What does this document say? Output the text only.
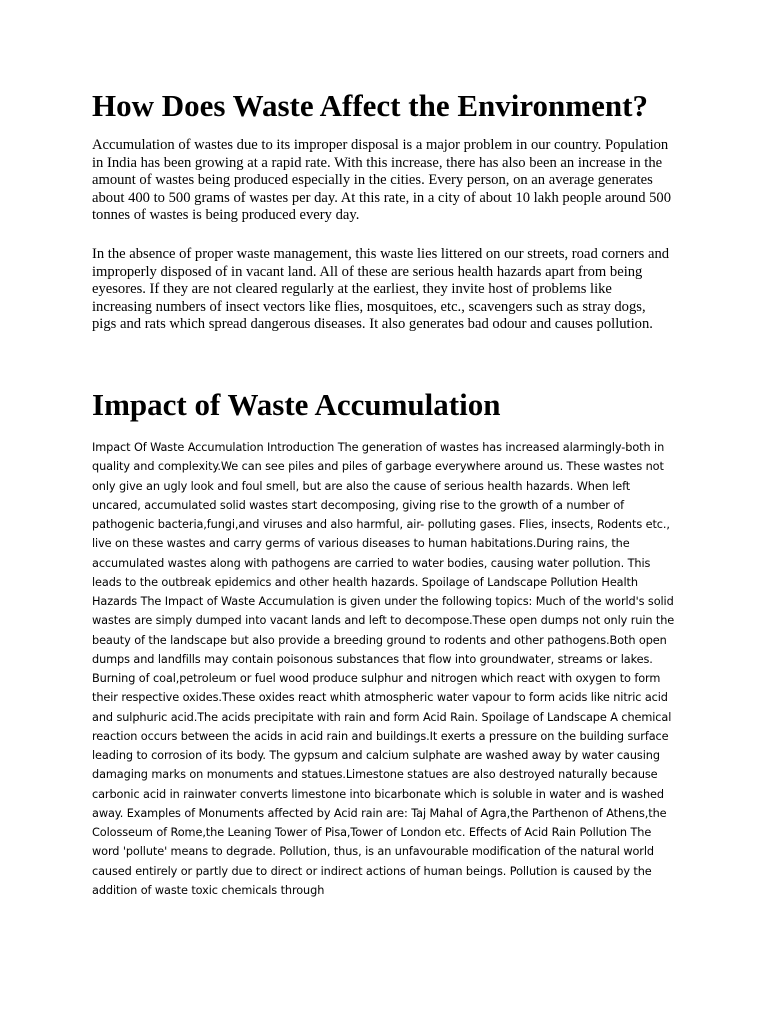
How Does Waste Affect the Environment?

Accumulation of wastes due to its improper disposal is a major problem in our country. Population in India has been growing at a rapid rate. With this increase, there has also been an increase in the amount of wastes being produced especially in the cities. Every person, on an average generates about 400 to 500 grams of wastes per day. At this rate, in a city of about 10 lakh people around 500 tonnes of wastes is being produced every day.

In the absence of proper waste management, this waste lies littered on our streets, road corners and improperly disposed of in vacant land. All of these are serious health hazards apart from being eyesores. If they are not cleared regularly at the earliest, they invite host of problems like increasing numbers of insect vectors like flies, mosquitoes, etc., scavengers such as stray dogs, pigs and rats which spread dangerous diseases. It also generates bad odour and causes pollution.

Impact of Waste Accumulation

Impact Of Waste Accumulation Introduction The generation of wastes has increased alarmingly-both in quality and complexity.We can see piles and piles of garbage everywhere around us. These wastes not only give an ugly look and foul smell, but are also the cause of serious health hazards. When left uncared, accumulated solid wastes start decomposing, giving rise to the growth of a number of pathogenic bacteria,fungi,and viruses and also harmful, air- polluting gases. Flies, insects, Rodents etc., live on these wastes and carry germs of various diseases to human habitations.During rains, the accumulated wastes along with pathogens are carried to water bodies, causing water pollution. This leads to the outbreak epidemics and other health hazards. Spoilage of Landscape Pollution Health Hazards The Impact of Waste Accumulation is given under the following topics: Much of the world's solid wastes are simply dumped into vacant lands and left to decompose.These open dumps not only ruin the beauty of the landscape but also provide a breeding ground to rodents and other pathogens.Both open dumps and landfills may contain poisonous substances that flow into groundwater, streams or lakes. Burning of coal,petroleum or fuel wood produce sulphur and nitrogen which react with oxygen to form their respective oxides.These oxides react whith atmospheric water vapour to form acids like nitric acid and sulphuric acid.The acids precipitate with rain and form Acid Rain. Spoilage of Landscape A chemical reaction occurs between the acids in acid rain and buildings.It exerts a pressure on the building surface leading to corrosion of its body. The gypsum and calcium sulphate are washed away by water causing damaging marks on monuments and statues.Limestone statues are also destroyed naturally because carbonic acid in rainwater converts limestone into bicarbonate which is soluble in water and is washed away. Examples of Monuments affected by Acid rain are: Taj Mahal of Agra,the Parthenon of Athens,the Colosseum of Rome,the Leaning Tower of Pisa,Tower of London etc. Effects of Acid Rain Pollution The word 'pollute' means to degrade. Pollution, thus, is an unfavourable modification of the natural world caused entirely or partly due to direct or indirect actions of human beings. Pollution is caused by the addition of waste toxic chemicals through
